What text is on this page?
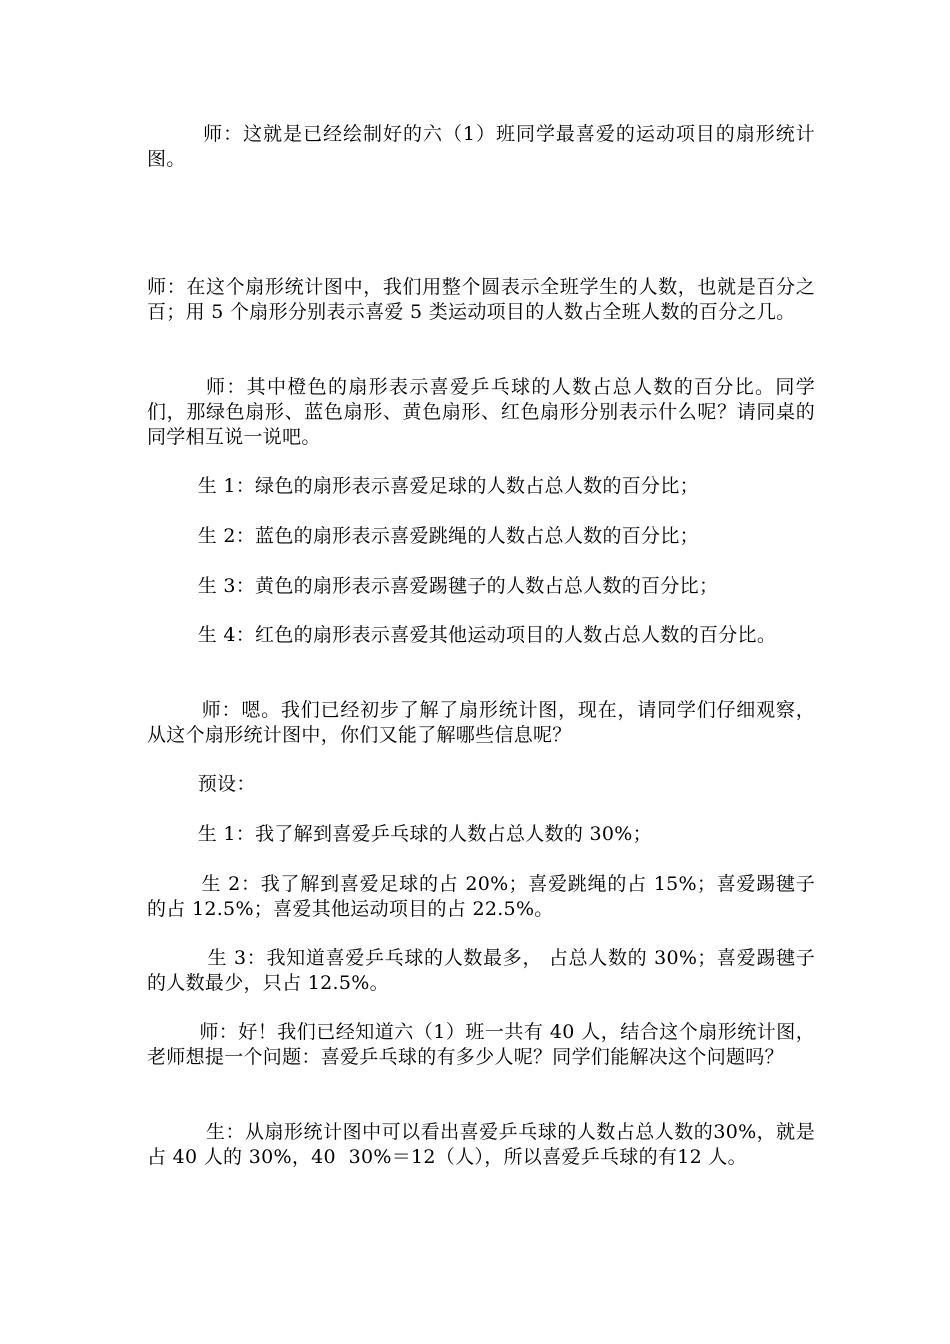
师：这就是已经绘制好的六（1）班同学最喜爱的运动项目的扇形统计图。

师：在这个扇形统计图中，我们用整个圆表示全班学生的人数，也就是百分之百；用 5 个扇形分别表示喜爱 5 类运动项目的人数占全班人数的百分之几。

师：其中橙色的扇形表示喜爱乒乓球的人数占总人数的百分比。同学们，那绿色扇形、蓝色扇形、黄色扇形、红色扇形分别表示什么呢？请同桌的同学相互说一说吧。

生 1：绿色的扇形表示喜爱足球的人数占总人数的百分比；

生 2：蓝色的扇形表示喜爱跳绳的人数占总人数的百分比；

生 3：黄色的扇形表示喜爱踢毽子的人数占总人数的百分比；

生 4：红色的扇形表示喜爱其他运动项目的人数占总人数的百分比。

师：嗯。我们已经初步了解了扇形统计图，现在，请同学们仔细观察，从这个扇形统计图中，你们又能了解哪些信息呢？

预设：

生 1：我了解到喜爱乒乓球的人数占总人数的 30%；

生 2：我了解到喜爱足球的占 20%；喜爱跳绳的占 15%；喜爱踢毽子的占 12.5%；喜爱其他运动项目的占 22.5%。

生 3：我知道喜爱乒乓球的人数最多， 占总人数的 30%；喜爱踢毽子的人数最少，只占 12.5%。

师：好！我们已经知道六（1）班一共有 40 人，结合这个扇形统计图，老师想提一个问题：喜爱乒乓球的有多少人呢？同学们能解决这个问题吗？

生：从扇形统计图中可以看出喜爱乒乓球的人数占总人数的30%，就是占 40 人的 30%，40  30%＝12（人），所以喜爱乒乓球的有12 人。
